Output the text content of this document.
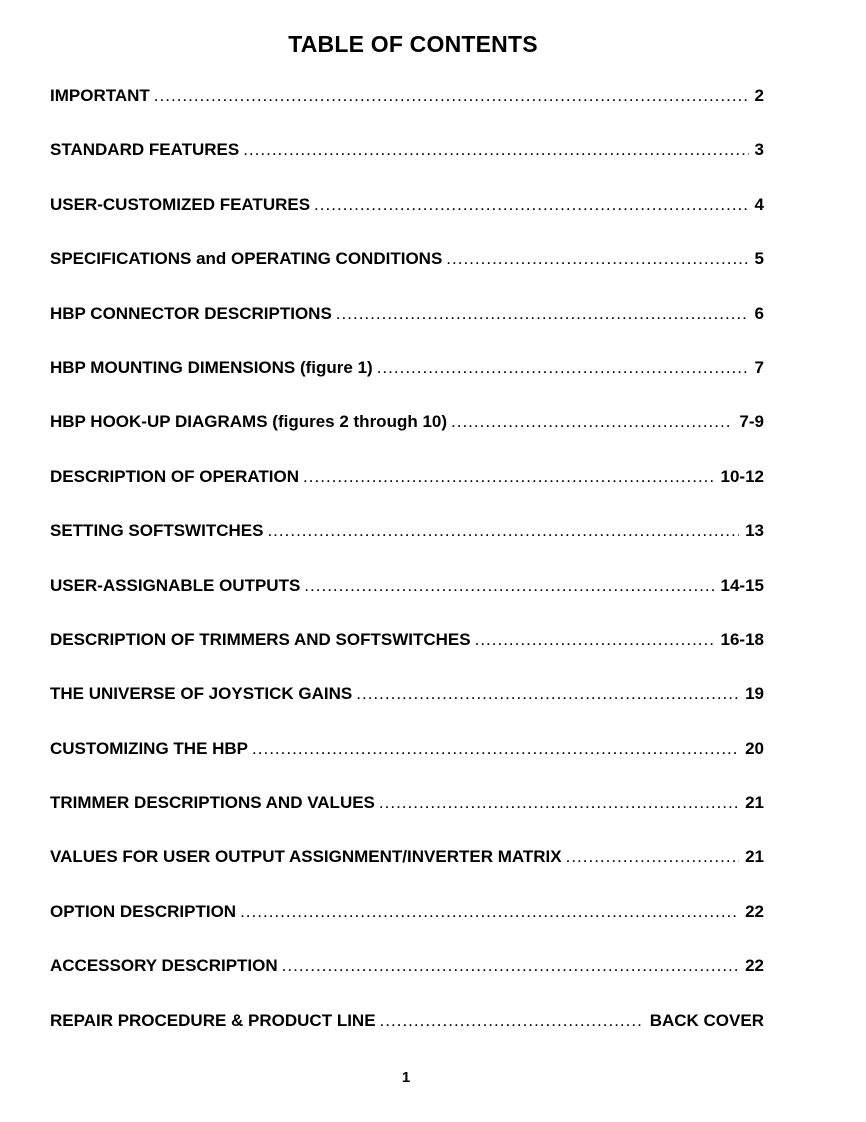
TABLE OF CONTENTS
IMPORTANT .....	2
STANDARD FEATURES .....	3
USER-CUSTOMIZED FEATURES .....	4
SPECIFICATIONS and OPERATING CONDITIONS .....	5
HBP CONNECTOR DESCRIPTIONS .....	6
HBP MOUNTING DIMENSIONS (figure 1) .....	7
HBP HOOK-UP DIAGRAMS (figures 2 through 10) .....	7-9
DESCRIPTION OF OPERATION .....	10-12
SETTING SOFTSWITCHES .....	13
USER-ASSIGNABLE OUTPUTS .....	14-15
DESCRIPTION OF TRIMMERS AND SOFTSWITCHES .....	16-18
THE UNIVERSE OF JOYSTICK GAINS .....	19
CUSTOMIZING THE HBP .....	20
TRIMMER DESCRIPTIONS AND VALUES .....	21
VALUES FOR USER OUTPUT ASSIGNMENT/INVERTER MATRIX .....	21
OPTION DESCRIPTION .....	22
ACCESSORY DESCRIPTION .....	22
REPAIR PROCEDURE & PRODUCT LINE .....	BACK COVER

1
